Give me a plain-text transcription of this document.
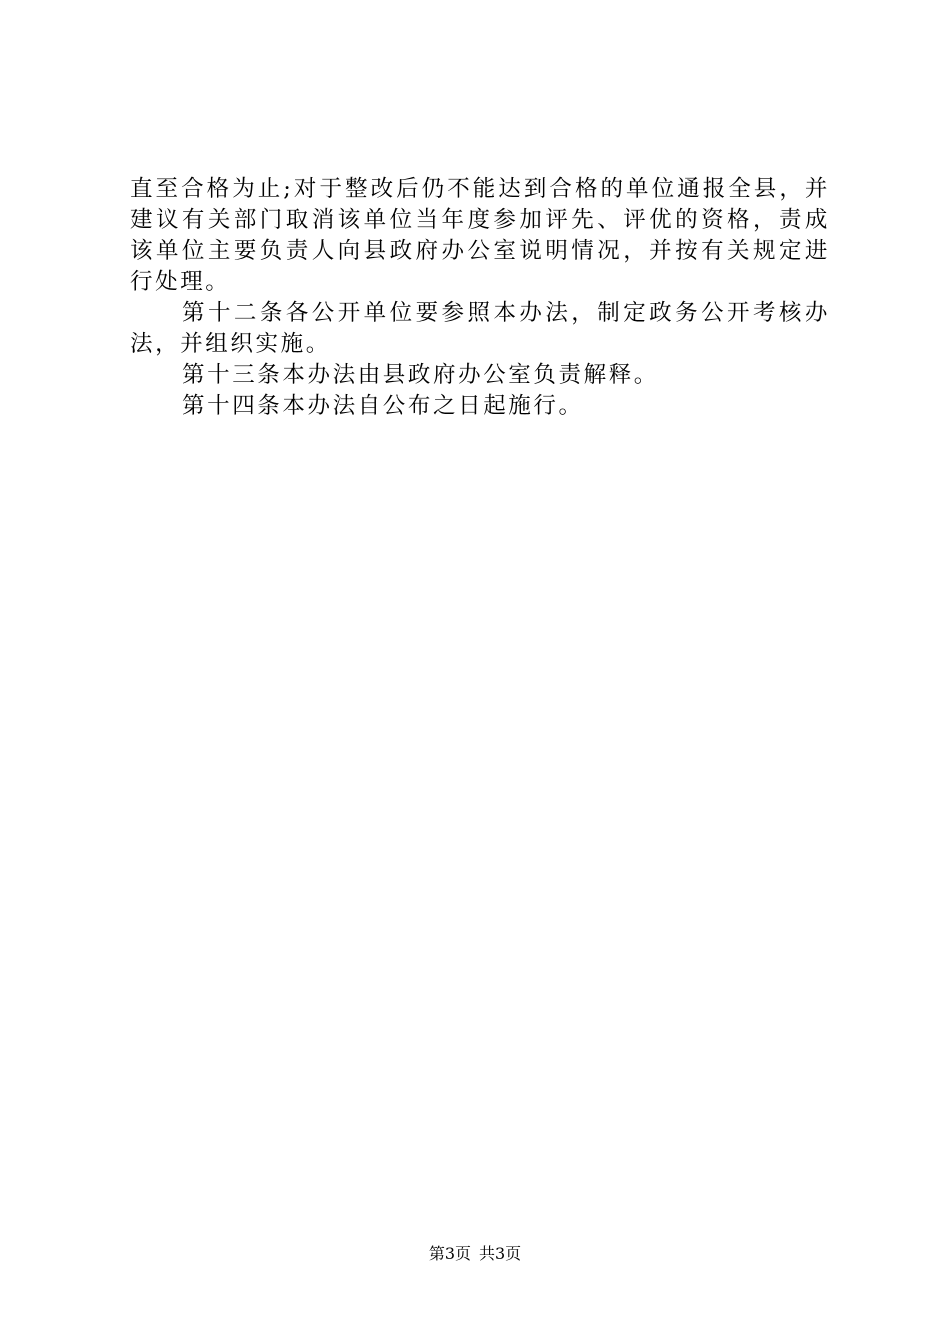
直至合格为止;对于整改后仍不能达到合格的单位通报全县，并建议有关部门取消该单位当年度参加评先、评优的资格，责成该单位主要负责人向县政府办公室说明情况，并按有关规定进行处理。

第十二条各公开单位要参照本办法，制定政务公开考核办法，并组织实施。

第十三条本办法由县政府办公室负责解释。

第十四条本办法自公布之日起施行。

第3页 共3页
